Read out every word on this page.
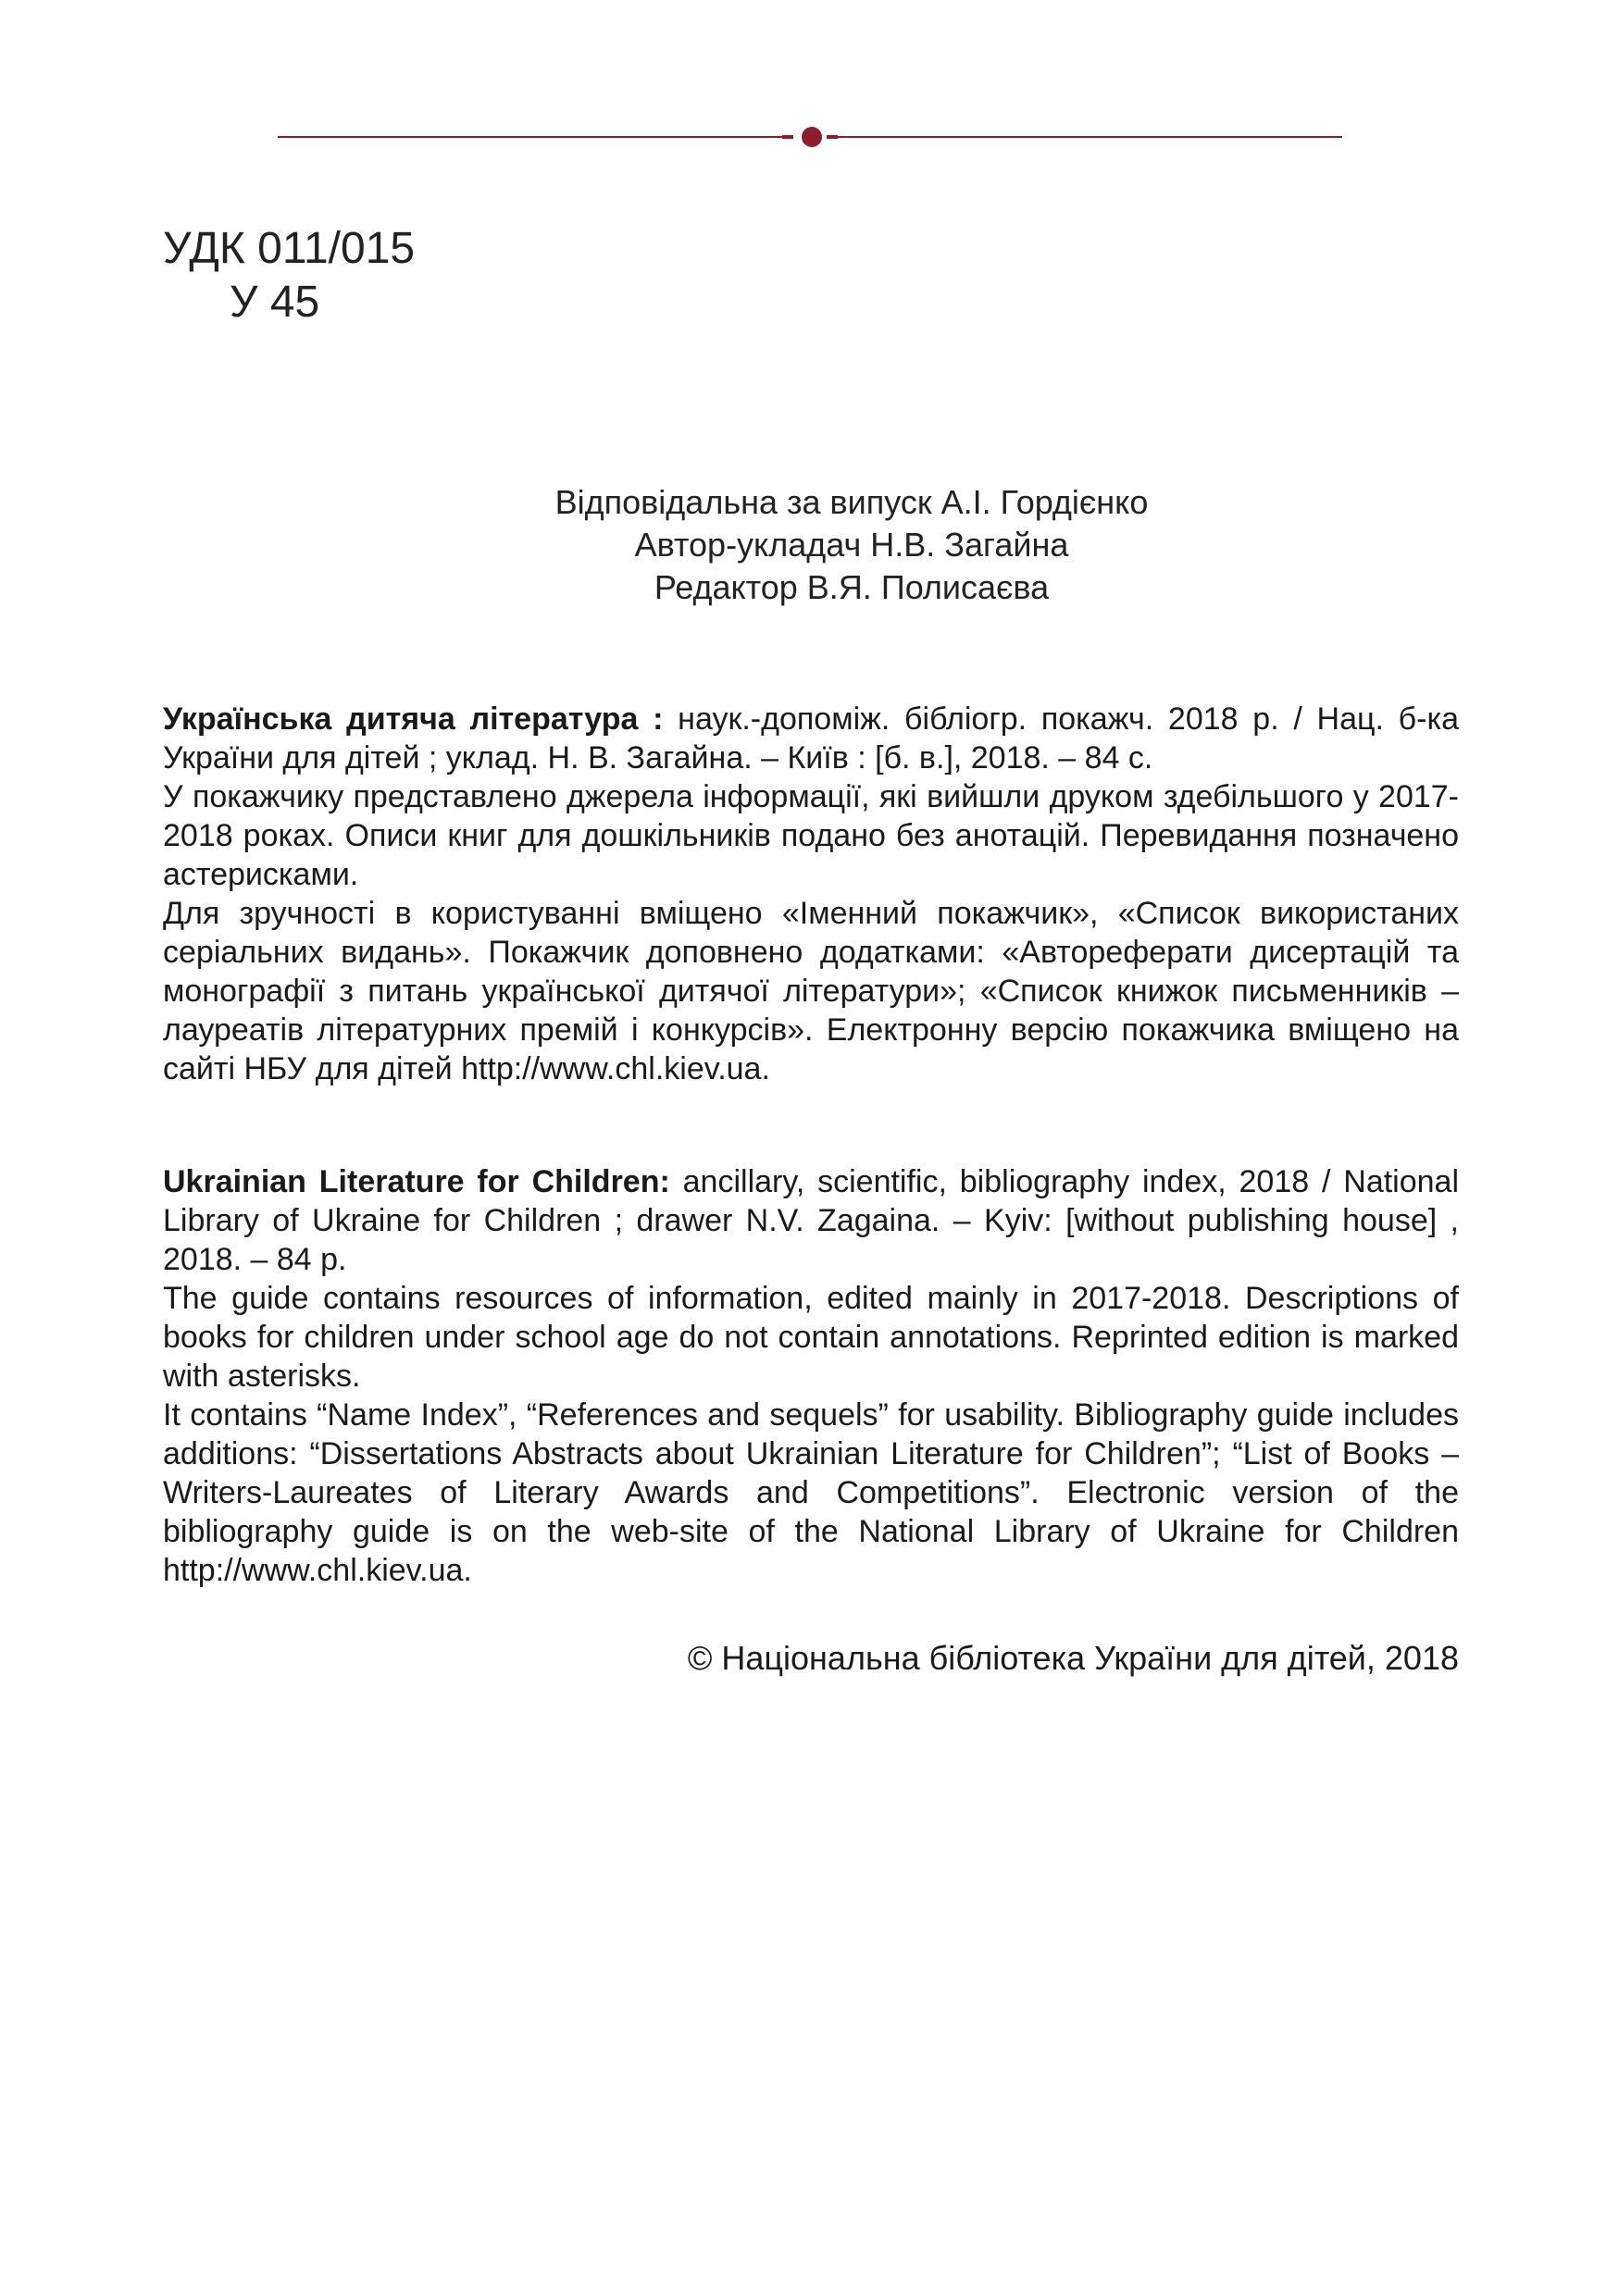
УДК 011/015
У 45
Відповідальна за випуск А.І. Гордієнко
Автор-укладач Н.В. Загайна
Редактор В.Я. Полисаєва

Українська дитяча література : наук.-допоміж. бібліогр. покажч. 2018 р. / Нац. б-ка України для дітей ; уклад. Н. В. Загайна. – Київ : [б. в.], 2018. – 84 с.

У покажчику представлено джерела інформації, які вийшли друком здебільшого у 2017-2018 роках. Описи книг для дошкільників подано без анотацій. Перевидання позначено астерисками.

Для зручності в користуванні вміщено «Іменний покажчик», «Список використаних серіальних видань». Покажчик доповнено додатками: «Автореферати дисертацій та монографії з питань української дитячої літератури»; «Список книжок письменників – лауреатів літературних премій і конкурсів». Електронну версію покажчика вміщено на сайті НБУ для дітей http://www.chl.kiev.ua.

Ukrainian Literature for Children: ancillary, scientific, bibliography index, 2018 / National Library of Ukraine for Children ; drawer N.V. Zagaina. – Kyiv: [without publishing house] , 2018. – 84 p.

The guide contains resources of information, edited mainly in 2017-2018. Descriptions of books for children under school age do not contain annotations. Reprinted edition is marked with asterisks.

It contains “Name Index”, “References and sequels” for usability. Bibliography guide includes additions: “Dissertations Abstracts about Ukrainian Literature for Children”; “List of Books – Writers-Laureates of Literary Awards and Competitions”. Electronic version of the bibliography guide is on the web-site of the National Library of Ukraine for Children http://www.chl.kiev.ua.

© Національна бібліотека України для дітей, 2018
